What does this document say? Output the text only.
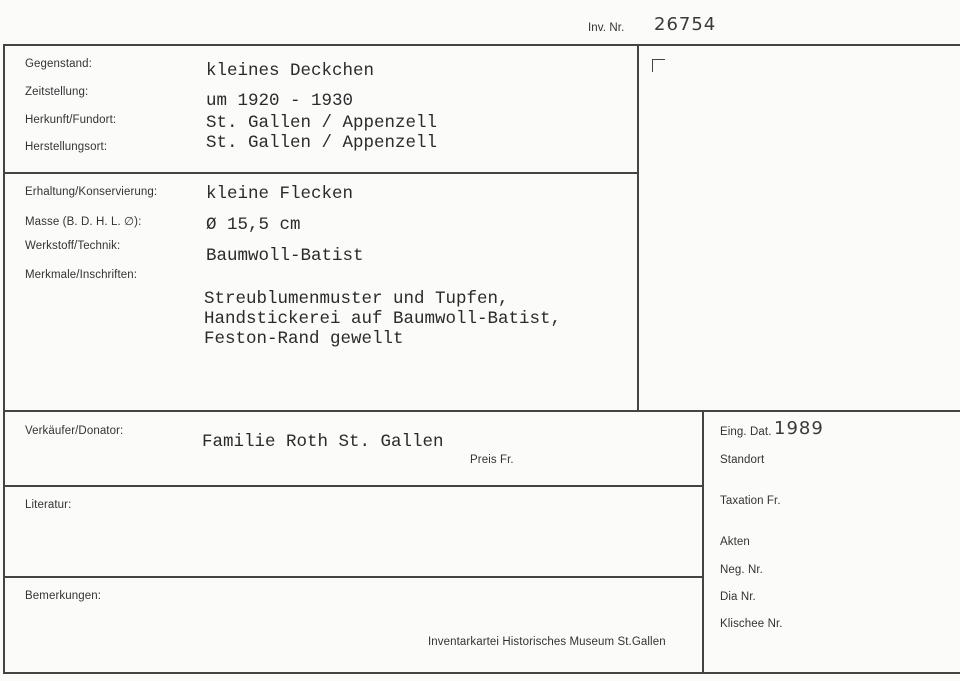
Inv. Nr. 26754
Gegenstand:
Zeitstellung:
Herkunft/Fundort:
Herstellungsort:
kleines Deckchen
um 1920 - 1930
St. Gallen / Appenzell
St. Gallen / Appenzell
Erhaltung/Konservierung:
Masse (B. D. H. L. ∅):
Werkstoff/Technik:
Merkmale/Inschriften:
kleine Flecken
Ø 15,5 cm
Baumwoll-Batist
Streublumenmuster und Tupfen,
Handstickerei auf Baumwoll-Batist,
Feston-Rand gewellt
Verkäufer/Donator:
Familie Roth St. Gallen
Preis Fr.
Literatur:
Bemerkungen:
Inventarkartei Historisches Museum St.Gallen
Eing. Dat. 1989
Standort
Taxation Fr.
Akten
Neg. Nr.
Dia Nr.
Klischee Nr.
